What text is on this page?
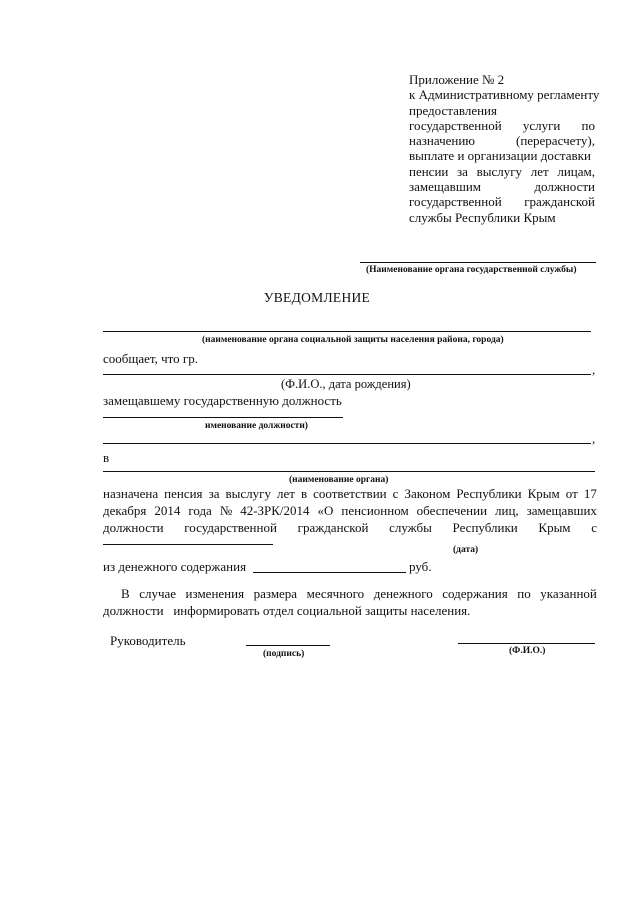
Приложение № 2
к Административному регламенту
предоставления
государственной услуги по
назначению	(перерасчету),
выплате и организации доставки
пенсии за выслугу лет лицам,
замещавшим	должности
государственной гражданской
службы Республики Крым
(Наименование органа государственной службы)
УВЕДОМЛЕНИЕ
(наименование органа социальной защиты населения района, города)
сообщает, что гр.
,
(Ф.И.О., дата рождения)
замещавшему государственную должность
именование должности)
,
в
(наименование органа)
назначена пенсия за выслугу лет в соответствии с Законом Республики Крым от 17
декабря 2014 года № 42-ЗРК/2014 «О пенсионном обеспечении лиц, замещавших
должности государственной гражданской службы Республики Крым с
(дата)
из денежного содержания	руб.
В случае изменения размера месячного денежного содержания по указанной
должности   информировать отдел социальной защиты населения.
Руководитель
(подпись)	(Ф.И.О.)
